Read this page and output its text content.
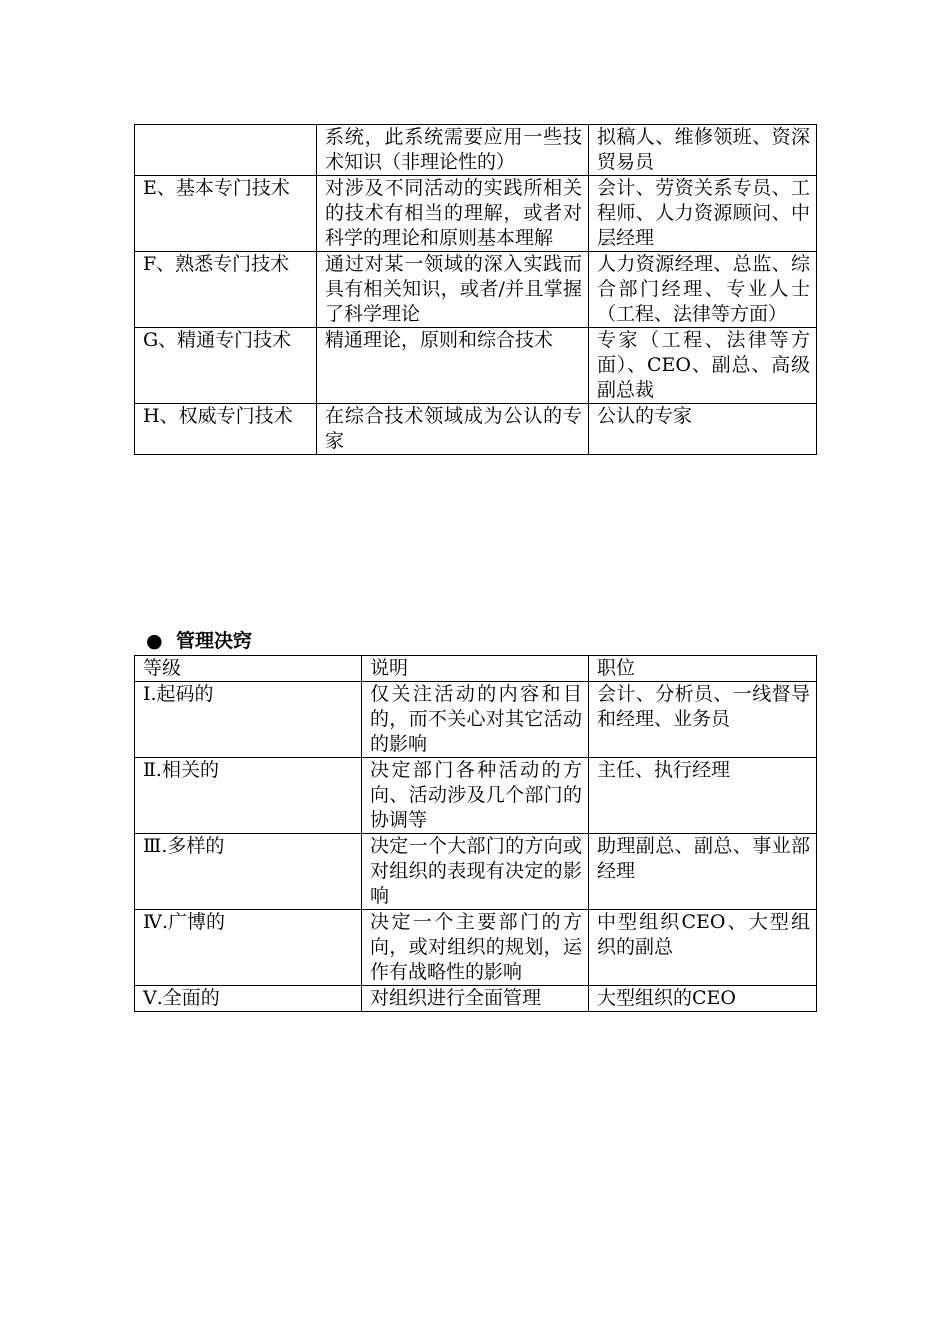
	系统，此系统需要应用一些技术知识（非理论性的）	拟稿人、维修领班、资深贸易员
E、基本专门技术	对涉及不同活动的实践所相关的技术有相当的理解，或者对科学的理论和原则基本理解	会计、劳资关系专员、工程师、人力资源顾问、中层经理
F、熟悉专门技术	通过对某一领域的深入实践而具有相关知识，或者/并且掌握了科学理论	人力资源经理、总监、综合部门经理、专业人士（工程、法律等方面）
G、精通专门技术	精通理论，原则和综合技术	专家（工程、法律等方面）、CEO、副总、高级副总裁
H、权威专门技术	在综合技术领域成为公认的专家	公认的专家
● 管理决窍
等级	说明	职位
Ⅰ.起码的	仅关注活动的内容和目的，而不关心对其它活动的影响	会计、分析员、一线督导和经理、业务员
Ⅱ.相关的	决定部门各种活动的方向、活动涉及几个部门的协调等	主任、执行经理
Ⅲ.多样的	决定一个大部门的方向或对组织的表现有决定的影响	助理副总、副总、事业部经理
Ⅳ.广博的	决定一个主要部门的方向，或对组织的规划，运作有战略性的影响	中型组织CEO、大型组织的副总
Ⅴ.全面的	对组织进行全面管理	大型组织的CEO
